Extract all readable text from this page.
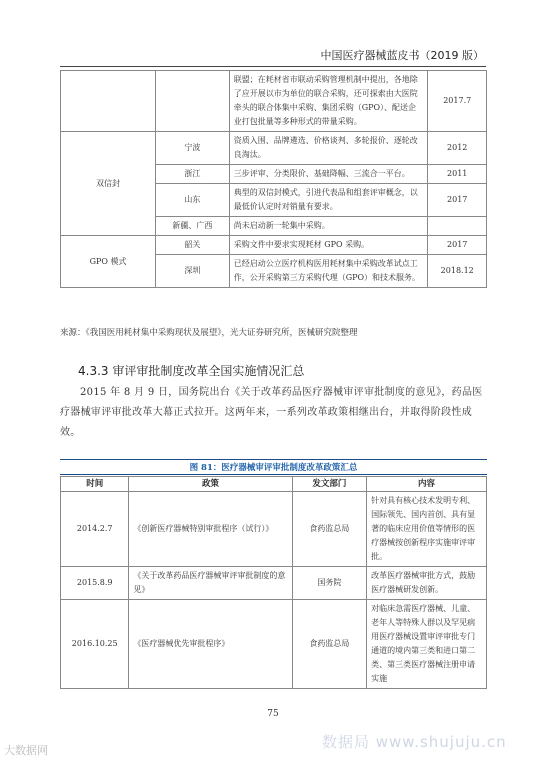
中国医疗器械蓝皮书（2019 版）
		联盟；在耗材省市联动采购管理机制中提出，各地除了应开展以市为单位的联合采购，还可探索由大医院牵头的联合体集中采购、集团采购（GPO）、配送企业打包批量等多种形式的带量采购。	2017.7
双信封	宁波	资质入围、品牌遴选、价格谈判、多轮报价、逐轮改良淘汰。	2012
	浙江	三步评审、分类限价、基础降幅、三流合一平台。	2011
	山东	典型的双信封模式，引进代表品和组套评审概念，以最低价认定时对销量有要求。	2017
	新疆、广西	尚未启动新一轮集中采购。	
GPO 模式	韶关	采购文件中要求实现耗材 GPO 采购。	2017
	深圳	已经启动公立医疗机构医用耗材集中采购改革试点工作，公开采购第三方采购代理（GPO）和技术服务。	2018.12
来源：《我国医用耗材集中采购现状及展望》，光大证券研究所，医械研究院整理
4.3.3 审评审批制度改革全国实施情况汇总
2015 年 8 月 9 日，国务院出台《关于改革药品医疗器械审评审批制度的意见》，药品医疗器械审评审批改革大幕正式拉开。这两年来，一系列改革政策相继出台，并取得阶段性成效。
图 81：医疗器械审评审批制度改革政策汇总
时间	政策	发文部门	内容
2014.2.7	《创新医疗器械特别审批程序（试行）》	食药监总局	针对具有核心技术发明专利、国际领先、国内首创、具有显著的临床应用价值等情形的医疗器械按创新程序实施审评审批。
2015.8.9	《关于改革药品医疗器械审评审批制度的意见》	国务院	改革医疗器械审批方式，鼓励医疗器械研发创新。
2016.10.25	《医疗器械优先审批程序》	食药监总局	对临床急需医疗器械、儿童、老年人等特殊人群以及罕见病用医疗器械设置审评审批专门通道的境内第三类和进口第二类、第三类医疗器械注册申请实施
75
大数据网	数据局 www.shujuju.cn
